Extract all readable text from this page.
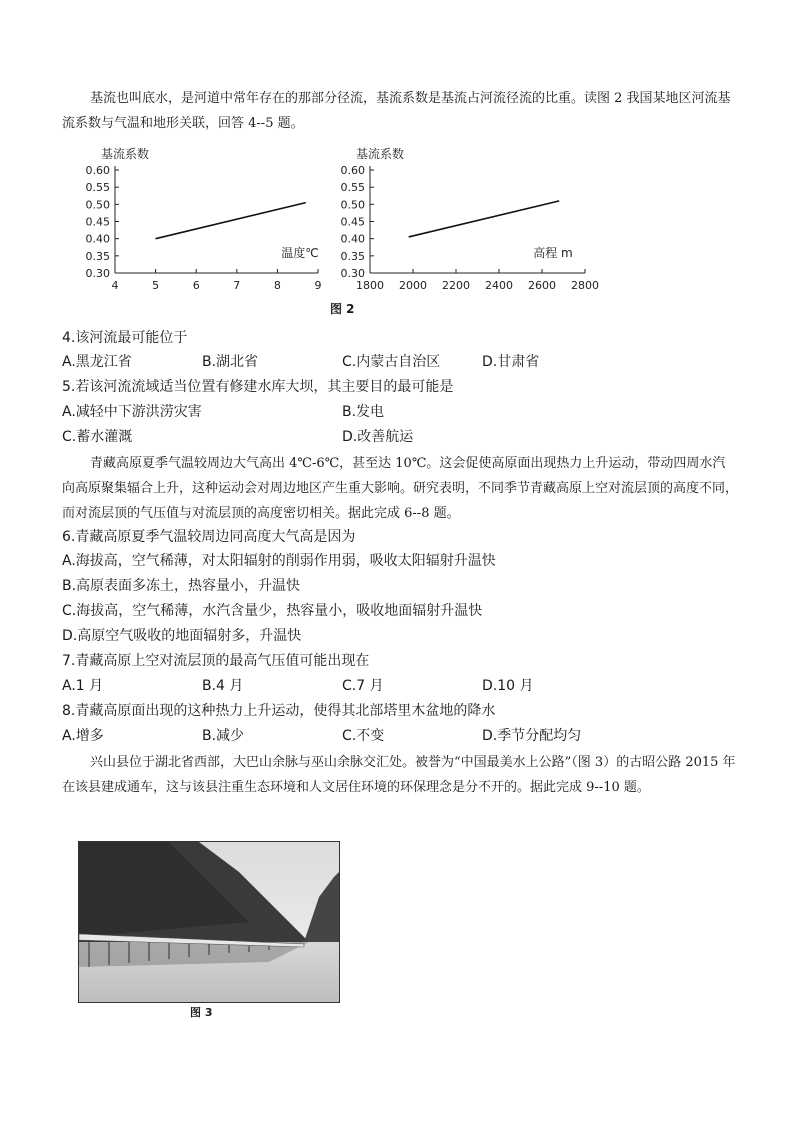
基流也叫底水，是河道中常年存在的那部分径流，基流系数是基流占河流径流的比重。读图 2 我国某地区河流基流系数与气温和地形关联，回答 4--5 题。
0.30
0.35
0.40
0.45
0.50
0.55
0.60
4	5	6	7	8	9
基流系数
温度℃
0.30
0.35
0.40
0.45
0.50
0.55
0.60
1800 2000 2200 2400 2600 2800
基流系数
高程 m
图 2
4.该河流最可能位于
A.黑龙江省	B.湖北省	C.内蒙古自治区	D.甘肃省
5.若该河流流域适当位置有修建水库大坝，其主要目的最可能是
A.减轻中下游洪涝灾害	B.发电
C.蓄水灌溉	D.改善航运
青藏高原夏季气温较周边大气高出 4℃-6℃，甚至达 10℃。这会促使高原面出现热力上升运动，带动四周水汽向高原聚集辐合上升，这种运动会对周边地区产生重大影响。研究表明，不同季节青藏高原上空对流层顶的高度不同，而对流层顶的气压值与对流层顶的高度密切相关。据此完成 6--8 题。
6.青藏高原夏季气温较周边同高度大气高是因为
A.海拔高，空气稀薄，对太阳辐射的削弱作用弱，吸收太阳辐射升温快
B.高原表面多冻土，热容量小，升温快
C.海拔高，空气稀薄，水汽含量少，热容量小，吸收地面辐射升温快
D.高原空气吸收的地面辐射多，升温快
7.青藏高原上空对流层顶的最高气压值可能出现在
A.1 月	B.4 月	C.7 月	D.10 月
8.青藏高原面出现的这种热力上升运动，使得其北部塔里木盆地的降水
A.增多	B.减少	C.不变	D.季节分配均匀
兴山县位于湖北省西部，大巴山余脉与巫山余脉交汇处。被誉为“中国最美水上公路”（图 3）的古昭公路 2015 年在该县建成通车，这与该县注重生态环境和人文居住环境的环保理念是分不开的。据此完成 9--10 题。
图 3
